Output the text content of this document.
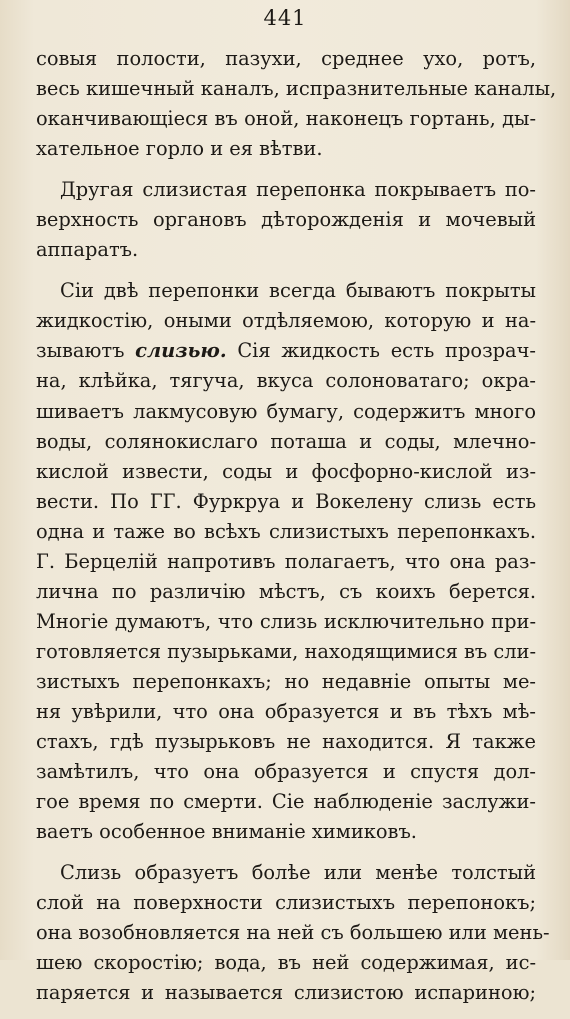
441
совыя полости, пазухи, среднее ухо, ротъ,
весь кишечный каналъ, испразнительные каналы,
оканчивающіеся въ оной, наконецъ гортань, ды-
хательное горло и ея вѣтви.
Другая слизистая перепонка покрываетъ по-
верхность органовъ дѣторожденія и мочевый
аппаратъ.
Сіи двѣ перепонки всегда бываютъ покрыты
жидкостію, оными отдѣляемою, которую и на-
зываютъ слизью. Сія жидкость есть прозрач-
на, клѣйка, тягуча, вкуса солоноватаго; окра-
шиваетъ лакмусовую бумагу, содержитъ много
воды, солянокислаго поташа и соды, млечно-
кислой извести, соды и фосфорно-кислой из-
вести. По ГГ. Фуркруа и Вокелену слизь есть
одна и таже во всѣхъ слизистыхъ перепонкахъ.
Г. Берцелій напротивъ полагаетъ, что она раз-
лична по различію мѣстъ, съ коихъ берется.
Многіе думаютъ, что слизь исключительно при-
готовляется пузырьками, находящимися въ сли-
зистыхъ перепонкахъ; но недавніе опыты ме-
ня увѣрили, что она образуется и въ тѣхъ мѣ-
стахъ, гдѣ пузырьковъ не находится. Я также
замѣтилъ, что она образуется и спустя дол-
гое время по смерти. Сіе наблюденіе заслужи-
ваетъ особенное вниманіе химиковъ.
Слизь образуетъ болѣе или менѣе толстый
слой на поверхности слизистыхъ перепонокъ;
она возобновляется на ней съ большею или мень-
шею скоростію; вода, въ ней содержимая, ис-
паряется и называется слизистою испариною;
